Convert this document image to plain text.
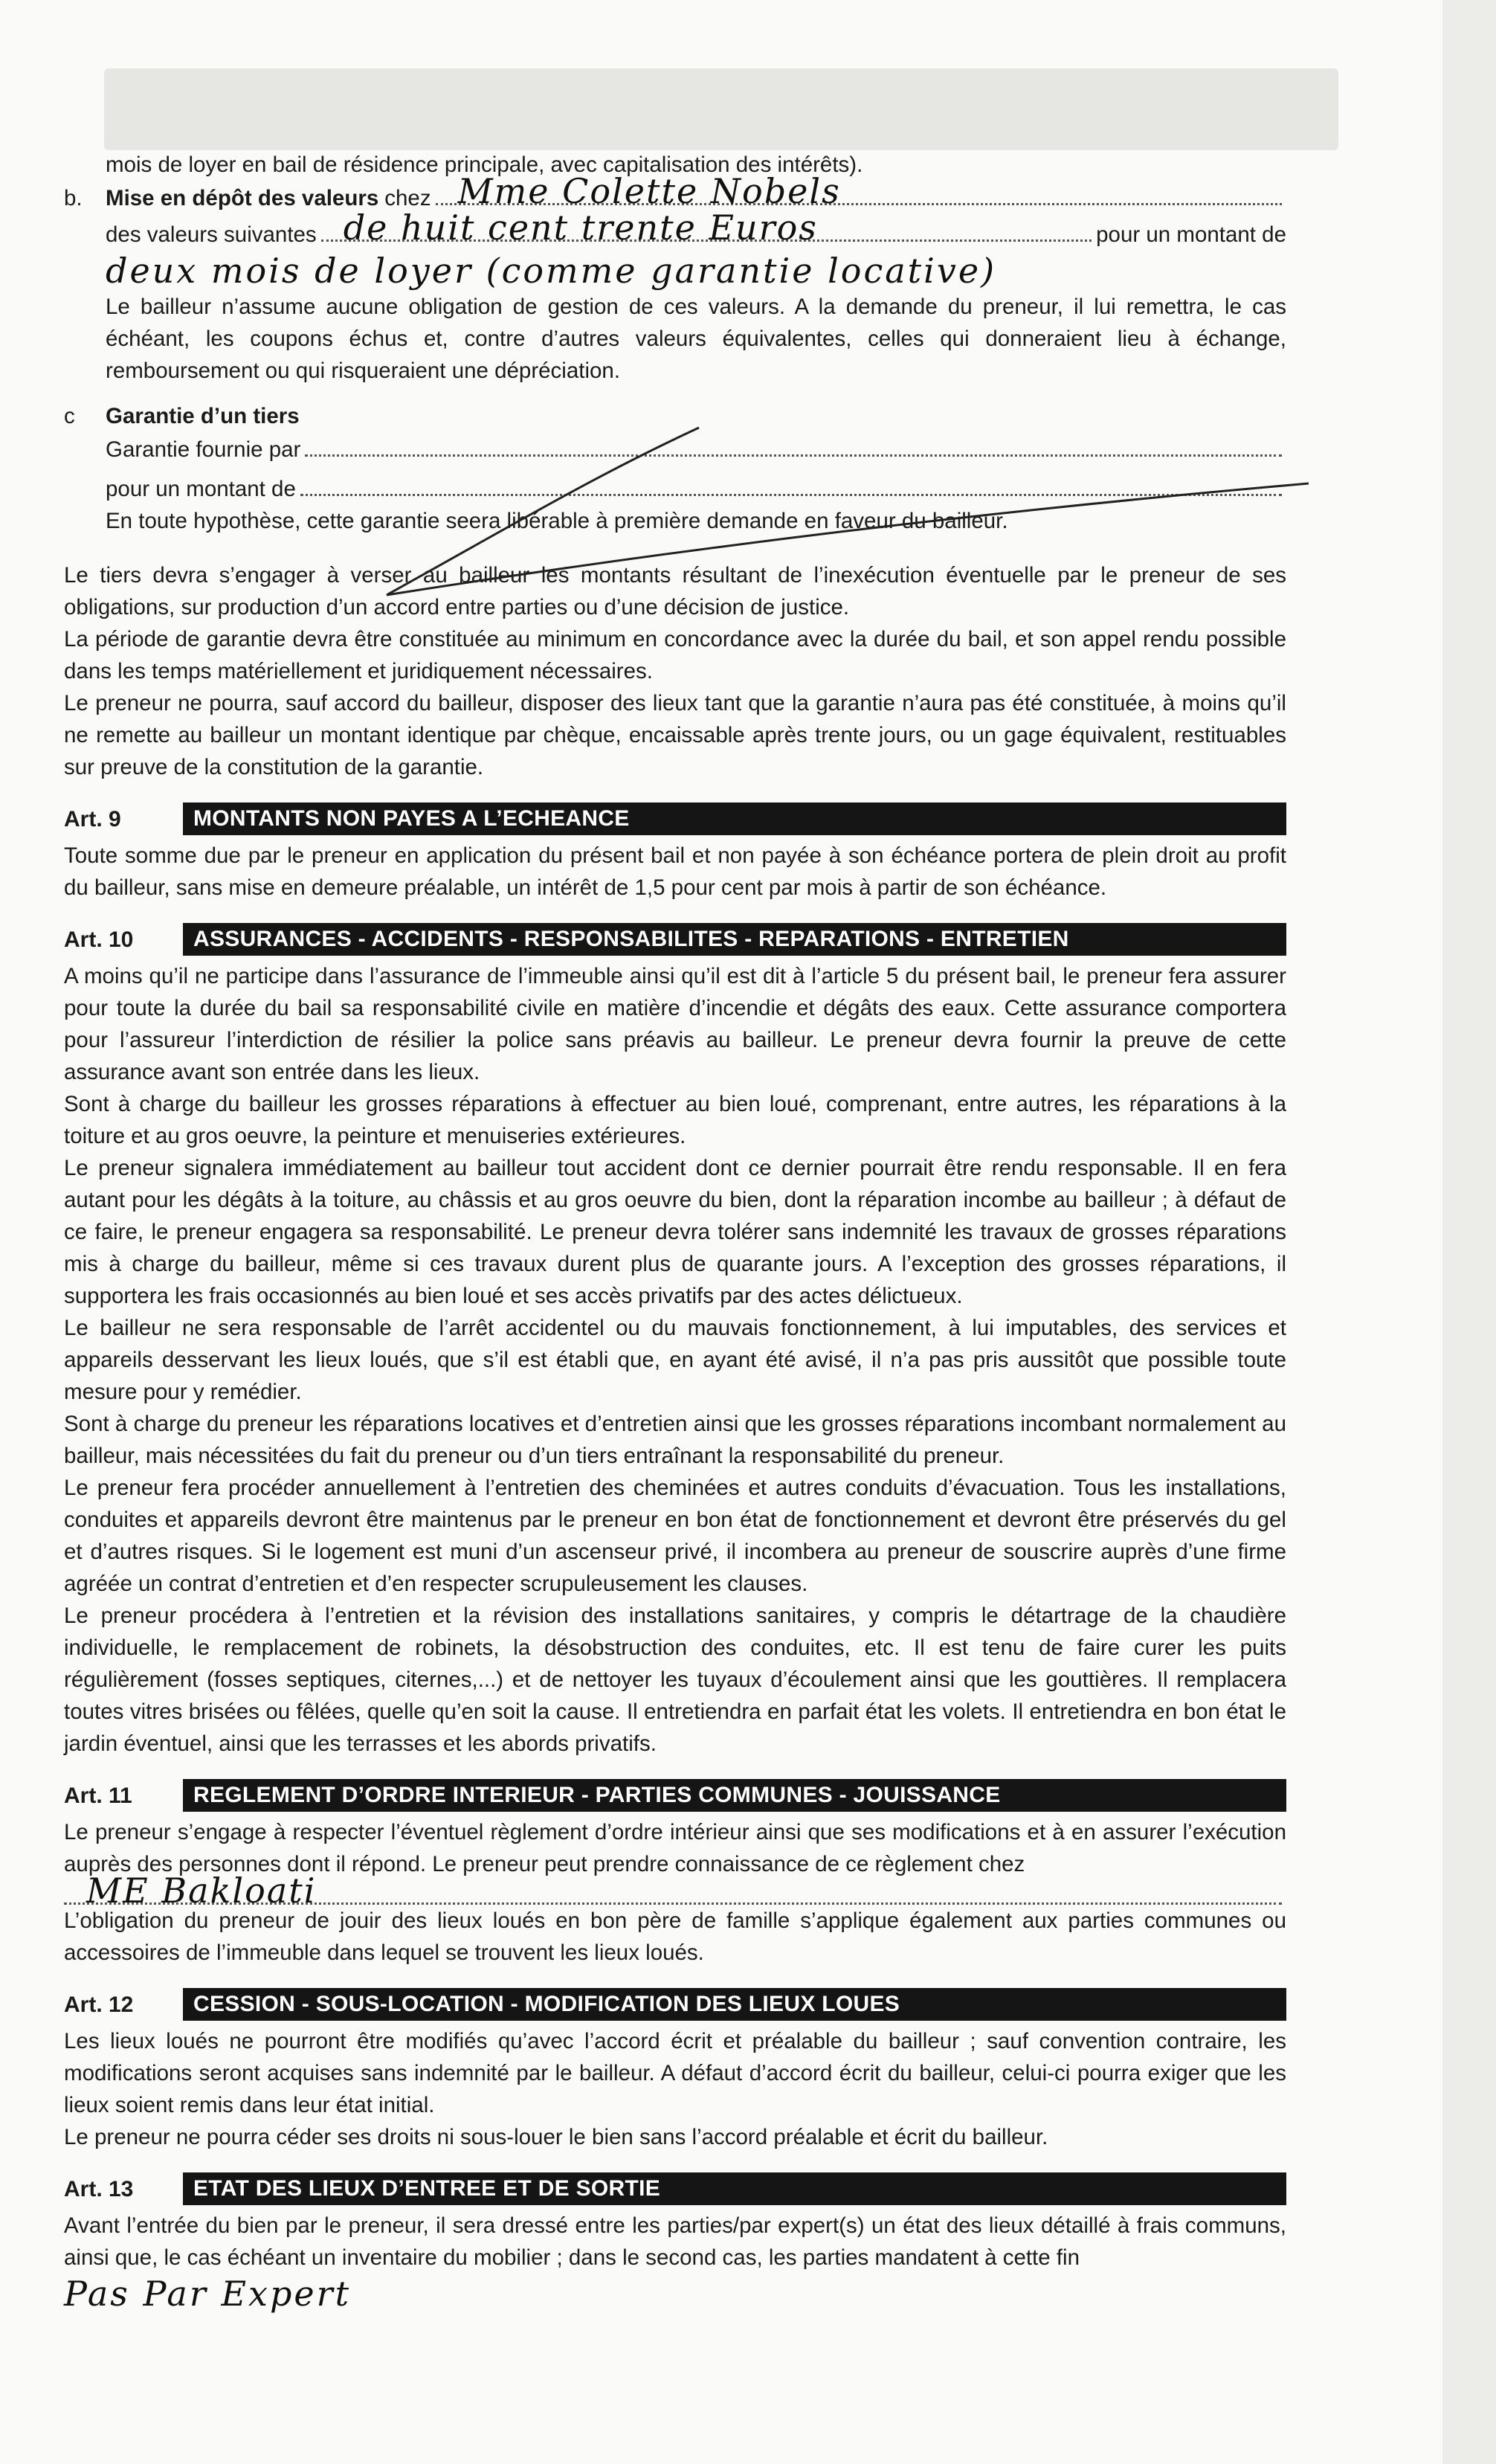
mois de loyer en bail de résidence principale, avec capitalisation des intérêts).

b.	Mise en dépôt des valeurs chez Mme Colette Nobels
des valeurs suivantes de huit cent trente Euros	pour un montant de
deux mois de loyer (comme garantie locative)

Le bailleur n’assume aucune obligation de gestion de ces valeurs. A la demande du preneur, il lui remettra, le cas échéant, les coupons échus et, contre d’autres valeurs équivalentes, celles qui donneraient lieu à échange, remboursement ou qui risqueraient une dépréciation.

c	Garantie d’un tiers
Garantie fournie par
pour un montant de

En toute hypothèse, cette garantie seera libérable à première demande en faveur du bailleur.

Le tiers devra s’engager à verser au bailleur les montants résultant de l’inexécution éventuelle par le preneur de ses obligations, sur production d’un accord entre parties ou d’une décision de justice.

La période de garantie devra être constituée au minimum en concordance avec la durée du bail, et son appel rendu possible dans les temps matériellement et juridiquement nécessaires.

Le preneur ne pourra, sauf accord du bailleur, disposer des lieux tant que la garantie n’aura pas été constituée, à moins qu’il ne remette au bailleur un montant identique par chèque, encaissable après trente jours, ou un gage équivalent, restituables sur preuve de la constitution de la garantie.

Art. 9	MONTANTS NON PAYES A L’ECHEANCE

Toute somme due par le preneur en application du présent bail et non payée à son échéance portera de plein droit au profit du bailleur, sans mise en demeure préalable, un intérêt de 1,5 pour cent par mois à partir de son échéance.

Art. 10	ASSURANCES - ACCIDENTS - RESPONSABILITES - REPARATIONS - ENTRETIEN

A moins qu’il ne participe dans l’assurance de l’immeuble ainsi qu’il est dit à l’article 5 du présent bail, le preneur fera assurer pour toute la durée du bail sa responsabilité civile en matière d’incendie et dégâts des eaux. Cette assurance comportera pour l’assureur l’interdiction de résilier la police sans préavis au bailleur. Le preneur devra fournir la preuve de cette assurance avant son entrée dans les lieux.

Sont à charge du bailleur les grosses réparations à effectuer au bien loué, comprenant, entre autres, les réparations à la toiture et au gros oeuvre, la peinture et menuiseries extérieures.

Le preneur signalera immédiatement au bailleur tout accident dont ce dernier pourrait être rendu responsable. Il en fera autant pour les dégâts à la toiture, au châssis et au gros oeuvre du bien, dont la réparation incombe au bailleur ; à défaut de ce faire, le preneur engagera sa responsabilité. Le preneur devra tolérer sans indemnité les travaux de grosses réparations mis à charge du bailleur, même si ces travaux durent plus de quarante jours. A l’exception des grosses réparations, il supportera les frais occasionnés au bien loué et ses accès privatifs par des actes délictueux.

Le bailleur ne sera responsable de l’arrêt accidentel ou du mauvais fonctionnement, à lui imputables, des services et appareils desservant les lieux loués, que s’il est établi que, en ayant été avisé, il n’a pas pris aussitôt que possible toute mesure pour y remédier.

Sont à charge du preneur les réparations locatives et d’entretien ainsi que les grosses réparations incombant normalement au bailleur, mais nécessitées du fait du preneur ou d’un tiers entraînant la responsabilité du preneur.

Le preneur fera procéder annuellement à l’entretien des cheminées et autres conduits d’évacuation. Tous les installations, conduites et appareils devront être maintenus par le preneur en bon état de fonctionnement et devront être préservés du gel et d’autres risques. Si le logement est muni d’un ascenseur privé, il incombera au preneur de souscrire auprès d’une firme agréée un contrat d’entretien et d’en respecter scrupuleusement les clauses.

Le preneur procédera à l’entretien et la révision des installations sanitaires, y compris le détartrage de la chaudière individuelle, le remplacement de robinets, la désobstruction des conduites, etc. Il est tenu de faire curer les puits régulièrement (fosses septiques, citernes,...) et de nettoyer les tuyaux d’écoulement ainsi que les gouttières. Il remplacera toutes vitres brisées ou fêlées, quelle qu’en soit la cause. Il entretiendra en parfait état les volets. Il entretiendra en bon état le jardin éventuel, ainsi que les terrasses et les abords privatifs.

Art. 11	REGLEMENT D’ORDRE INTERIEUR - PARTIES COMMUNES - JOUISSANCE

Le preneur s’engage à respecter l’éventuel règlement d’ordre intérieur ainsi que ses modifications et à en assurer l’exécution auprès des personnes dont il répond. Le preneur peut prendre connaissance de ce règlement chez

ME Bakloati

L’obligation du preneur de jouir des lieux loués en bon père de famille s’applique également aux parties communes ou accessoires de l’immeuble dans lequel se trouvent les lieux loués.

Art. 12	CESSION - SOUS-LOCATION - MODIFICATION DES LIEUX LOUES

Les lieux loués ne pourront être modifiés qu’avec l’accord écrit et préalable du bailleur ; sauf convention contraire, les modifications seront acquises sans indemnité par le bailleur. A défaut d’accord écrit du bailleur, celui-ci pourra exiger que les lieux soient remis dans leur état initial.

Le preneur ne pourra céder ses droits ni sous-louer le bien sans l’accord préalable et écrit du bailleur.

Art. 13	ETAT DES LIEUX D’ENTREE ET DE SORTIE

Avant l’entrée du bien par le preneur, il sera dressé entre les parties/par expert(s) un état des lieux détaillé à frais communs, ainsi que, le cas échéant un inventaire du mobilier ; dans le second cas, les parties mandatent à cette fin

Pas Par Expert
